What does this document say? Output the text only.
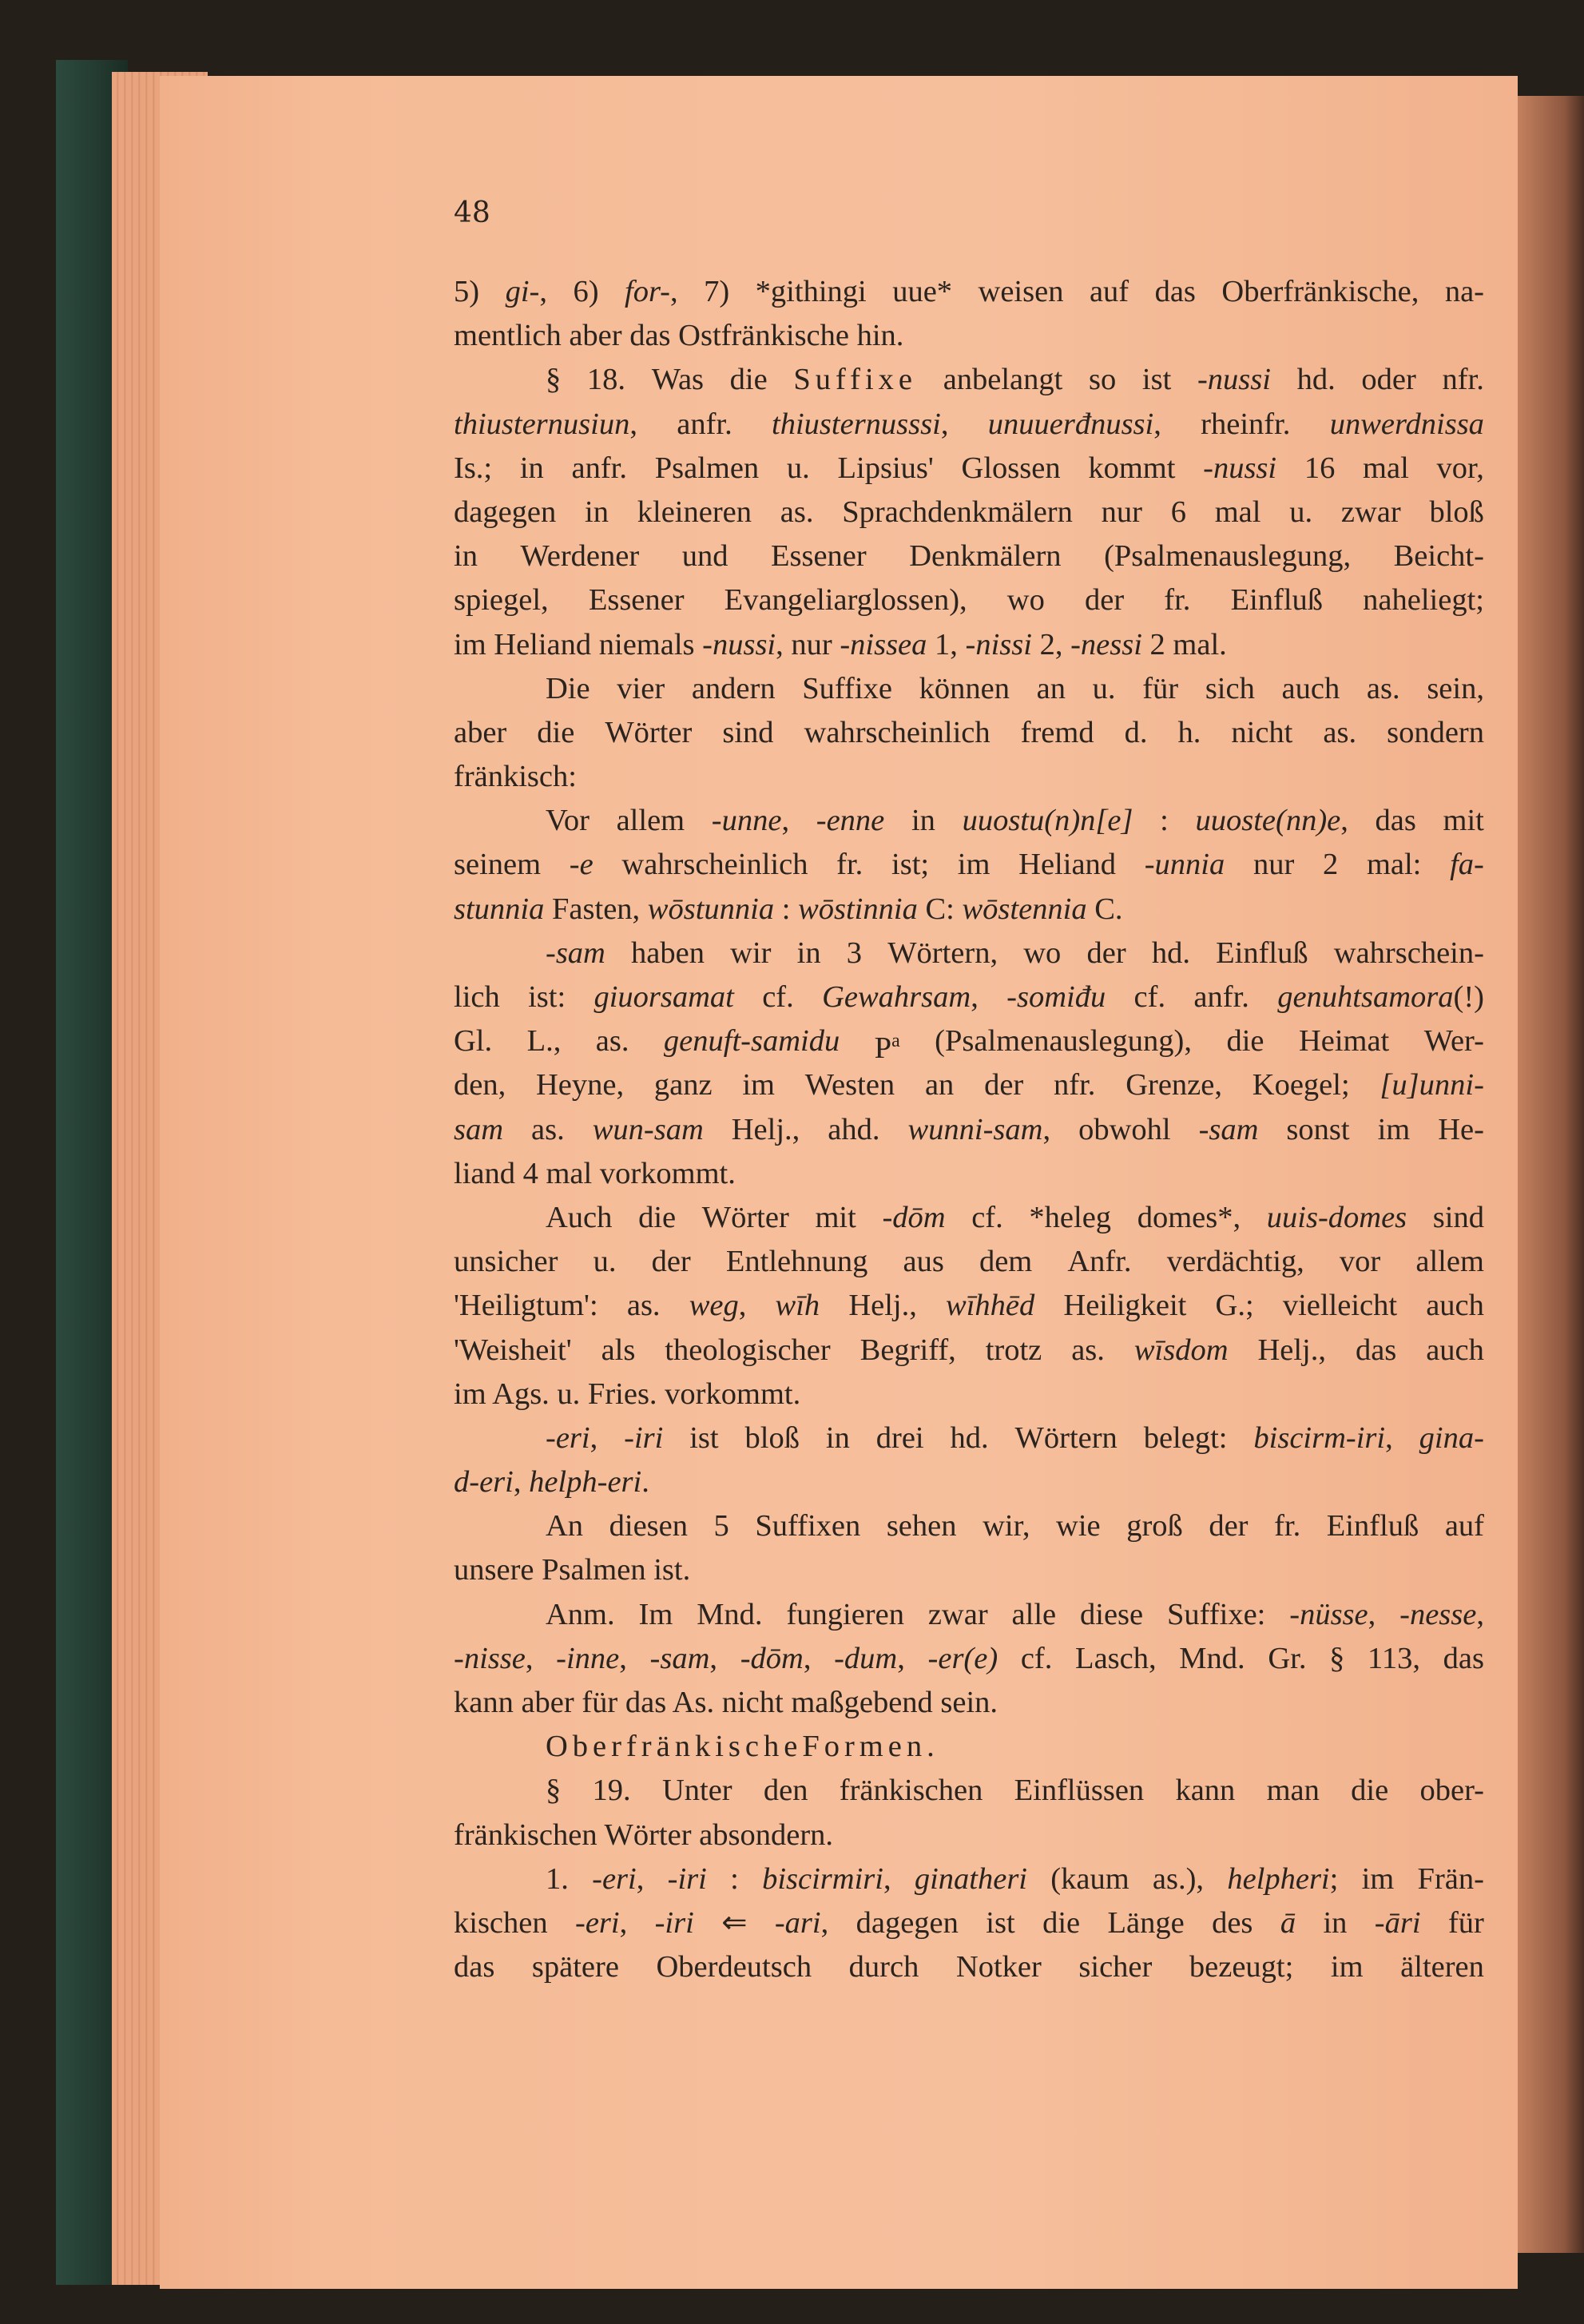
48
5) gi-, 6) for-, 7) *githingi uue* weisen auf das Oberfränkische, na-
mentlich aber das Ostfränkische hin.
§ 18. Was die Suffixe anbelangt so ist -nussi hd. oder nfr.
thiusternusiun, anfr. thiusternusssi, unuuerđnussi, rheinfr. unwerdnissa
Is.; in anfr. Psalmen u. Lipsius' Glossen kommt -nussi 16 mal vor,
dagegen in kleineren as. Sprachdenkmälern nur 6 mal u. zwar bloß
in Werdener und Essener Denkmälern (Psalmenauslegung, Beicht-
spiegel, Essener Evangeliarglossen), wo der fr. Einfluß naheliegt;
im Heliand niemals -nussi , nur -nissea 1, -nissi 2, -nessi 2 mal.
Die vier andern Suffixe können an u. für sich auch as. sein,
aber die Wörter sind wahrscheinlich fremd d. h. nicht as. sondern
fränkisch:
Vor allem -unne, -enne in uuostu(n)n[e] : uuoste(nn)e, das mit
seinem -e wahrscheinlich fr. ist; im Heliand -unnia nur 2 mal: fa-
stunnia Fasten, wōstunnia : wōstinnia C: wōstennia C.
-sam haben wir in 3 Wörtern, wo der hd. Einfluß wahrschein-
lich ist: giuorsamat cf. Gewahrsam, -somiđu cf. anfr. genuhtsamora(!)
Gl. L., as. genuft-samidu $P^a$ (Psalmenauslegung), die Heimat Wer-
den, Heyne, ganz im Westen an der nfr. Grenze, Koegel; [u]unni-
sam as. wun-sam Helj., ahd. wunni-sam, obwohl -sam sonst im He-
liand 4 mal vorkommt.
Auch die Wörter mit -dōm cf. *heleg domes*, uuis-domes sind
unsicher u. der Entlehnung aus dem Anfr. verdächtig, vor allem
'Heiligtum': as. weg, wīh Helj., wīhhēd Heiligkeit G.; vielleicht auch
'Weisheit' als theologischer Begriff, trotz as. wīsdom Helj., das auch
im Ags. u. Fries. vorkommt.
-eri, -iri ist bloß in drei hd. Wörtern belegt: biscirm-iri, gina-
d-eri , helph-eri .
An diesen 5 Suffixen sehen wir, wie groß der fr. Einfluß auf
unsere Psalmen ist.
Anm. Im Mnd. fungieren zwar alle diese Suffixe: -nüsse, -nesse,
-nisse, -inne, -sam, -dōm, -dum, -er(e) cf. Lasch, Mnd. Gr. § 113, das
kann aber für das As. nicht maßgebend sein.
Oberfränkische Formen.
§ 19. Unter den fränkischen Einflüssen kann man die ober-
fränkischen Wörter absondern.
1. -eri, -iri : biscirmiri, ginatheri (kaum as.), helpheri; im Frän-
kischen -eri, -iri ⇐ -ari, dagegen ist die Länge des ā in -āri für
das spätere Oberdeutsch durch Notker sicher bezeugt; im älteren
